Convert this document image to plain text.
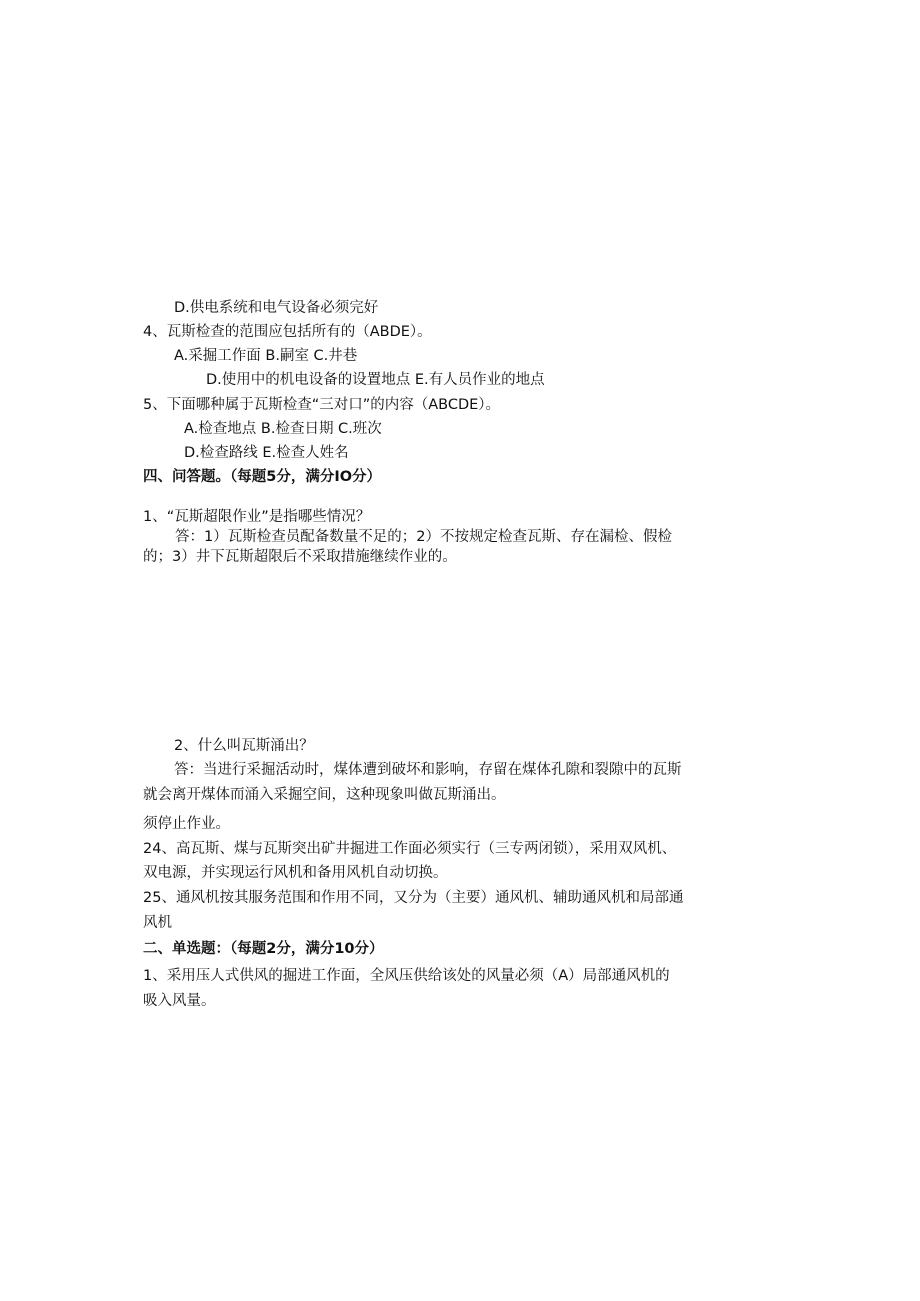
D.供电系统和电气设备必须完好
4、瓦斯检查的范围应包括所有的（ABDE）。
A.采掘工作面 B.嗣室 C.井巷
D.使用中的机电设备的设置地点 E.有人员作业的地点
5、下面哪种属于瓦斯检查“三对口”的内容（ABCDE）。
A.检查地点 B.检查日期 C.班次
D.检查路线 E.检查人姓名
四、问答题。（每题5分，满分IO分）
1、“瓦斯超限作业”是指哪些情况？
答：1）瓦斯检查员配备数量不足的；2）不按规定检查瓦斯、存在漏检、假检
的；3）井下瓦斯超限后不采取措施继续作业的。
2、什么叫瓦斯涌出？
答：当进行采掘活动时，煤体遭到破坏和影响，存留在煤体孔隙和裂隙中的瓦斯
就会离开煤体而涌入采掘空间，这种现象叫做瓦斯涌出。
须停止作业。
24、高瓦斯、煤与瓦斯突出矿井掘进工作面必须实行（三专两闭锁），采用双风机、
双电源，并实现运行风机和备用风机自动切换。
25、通风机按其服务范围和作用不同，又分为（主要）通风机、辅助通风机和局部通
风机
二、单选题：（每题2分，满分10分）
1、采用压人式供风的掘进工作面，全风压供给该处的风量必须（A）局部通风机的
吸入风量。
